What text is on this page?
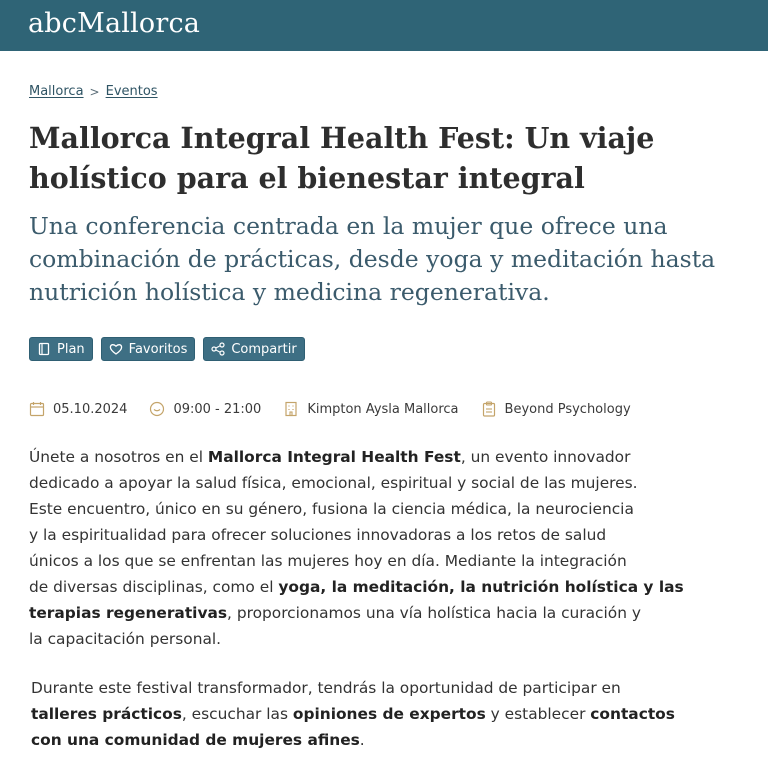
abcMallorca
Mallorca > Eventos
Mallorca Integral Health Fest: Un viaje
holístico para el bienestar integral
Una conferencia centrada en la mujer que ofrece una
combinación de prácticas, desde yoga y meditación hasta
nutrición holística y medicina regenerativa.
Plan	Favoritos	Compartir
05.10.2024	09:00 - 21:00	Kimpton Aysla Mallorca	Beyond Psychology
Únete a nosotros en el Mallorca Integral Health Fest, un evento innovador
dedicado a apoyar la salud física, emocional, espiritual y social de las mujeres.
Este encuentro, único en su género, fusiona la ciencia médica, la neurociencia
y la espiritualidad para ofrecer soluciones innovadoras a los retos de salud
únicos a los que se enfrentan las mujeres hoy en día. Mediante la integración
de diversas disciplinas, como el yoga, la meditación, la nutrición holística y las
terapias regenerativas, proporcionamos una vía holística hacia la curación y
la capacitación personal.
Durante este festival transformador, tendrás la oportunidad de participar en
talleres prácticos, escuchar las opiniones de expertos y establecer contactos
con una comunidad de mujeres afines.
